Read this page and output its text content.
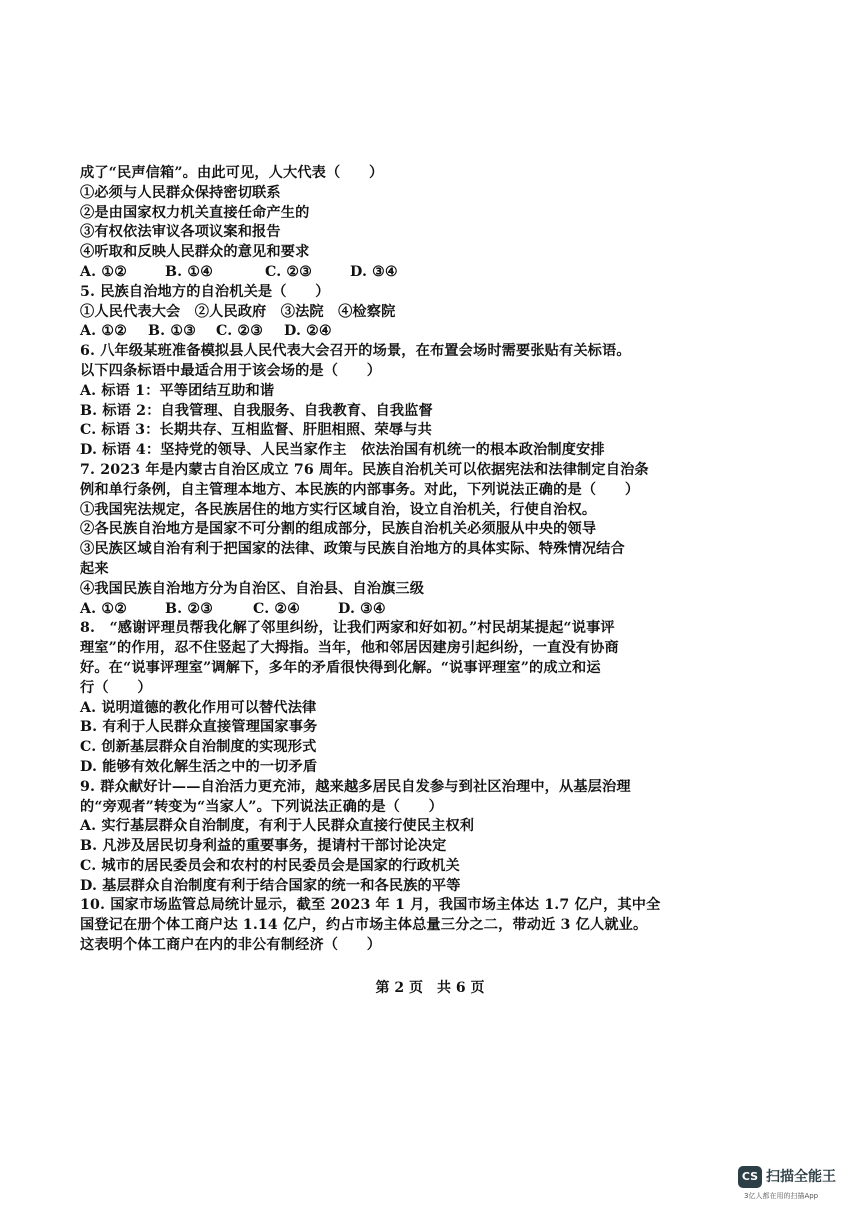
成了“民声信箱”。由此可见，人大代表（　　）
①必须与人民群众保持密切联系
②是由国家权力机关直接任命产生的
③有权依法审议各项议案和报告
④听取和反映人民群众的意见和要求
A. ①②	B. ①④	C. ②③	D. ③④
5. 民族自治地方的自治机关是（　　）
①人民代表大会　②人民政府　③法院　④检察院
A. ①②	B. ①③	C. ②③	D. ②④
6. 八年级某班准备模拟县人民代表大会召开的场景，在布置会场时需要张贴有关标语。
以下四条标语中最适合用于该会场的是（　　）
A. 标语 1：平等团结互助和谐
B. 标语 2：自我管理、自我服务、自我教育、自我监督
C. 标语 3：长期共存、互相监督、肝胆相照、荣辱与共
D. 标语 4：坚持党的领导、人民当家作主　依法治国有机统一的根本政治制度安排
7. 2023 年是内蒙古自治区成立 76 周年。民族自治机关可以依据宪法和法律制定自治条
例和单行条例，自主管理本地方、本民族的内部事务。对此，下列说法正确的是（　　）
①我国宪法规定，各民族居住的地方实行区域自治，设立自治机关，行使自治权。
②各民族自治地方是国家不可分割的组成部分，民族自治机关必须服从中央的领导
③民族区域自治有利于把国家的法律、政策与民族自治地方的具体实际、特殊情况结合
起来
④我国民族自治地方分为自治区、自治县、自治旗三级
A. ①②	B. ②③	C. ②④	D. ③④
8.　“感谢评理员帮我化解了邻里纠纷，让我们两家和好如初。”村民胡某提起“说事评
理室”的作用，忍不住竖起了大拇指。当年，他和邻居因建房引起纠纷，一直没有协商
好。在“说事评理室”调解下，多年的矛盾很快得到化解。“说事评理室”的成立和运
行（　　）
A. 说明道德的教化作用可以替代法律
B. 有利于人民群众直接管理国家事务
C. 创新基层群众自治制度的实现形式
D. 能够有效化解生活之中的一切矛盾
9. 群众献好计——自治活力更充沛，越来越多居民自发参与到社区治理中，从基层治理
的“旁观者”转变为“当家人”。下列说法正确的是（　　）
A. 实行基层群众自治制度，有利于人民群众直接行使民主权利
B. 凡涉及居民切身利益的重要事务，提请村干部讨论决定
C. 城市的居民委员会和农村的村民委员会是国家的行政机关
D. 基层群众自治制度有利于结合国家的统一和各民族的平等
10. 国家市场监管总局统计显示，截至 2023 年 1 月，我国市场主体达 1.7 亿户，其中全
国登记在册个体工商户达 1.14 亿户，约占市场主体总量三分之二，带动近 3 亿人就业。
这表明个体工商户在内的非公有制经济（　　）
第 2 页　共 6 页
CS 扫描全能王
3亿人都在用的扫描App
